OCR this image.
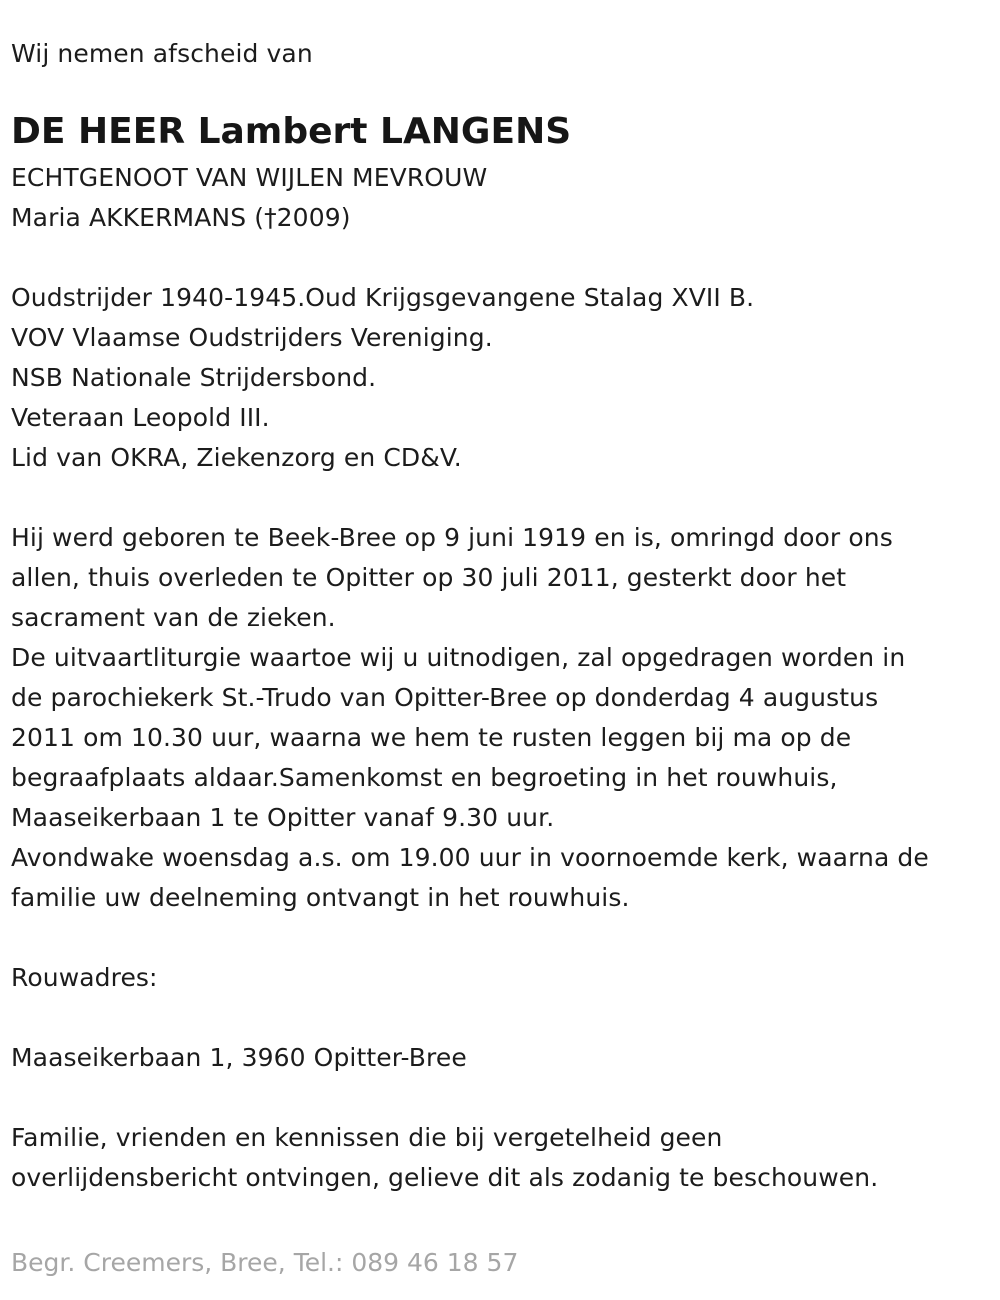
Wij nemen afscheid van
DE HEER Lambert LANGENS
ECHTGENOOT VAN WIJLEN MEVROUW
Maria AKKERMANS (†2009)
Oudstrijder 1940-1945.Oud Krijgsgevangene Stalag XVII B.
VOV Vlaamse Oudstrijders Vereniging.
NSB Nationale Strijdersbond.
Veteraan Leopold III.
Lid van OKRA, Ziekenzorg en CD&V.
Hij werd geboren te Beek-Bree op 9 juni 1919 en is, omringd door ons
allen, thuis overleden te Opitter op 30 juli 2011, gesterkt door het
sacrament van de zieken.
De uitvaartliturgie waartoe wij u uitnodigen, zal opgedragen worden in
de parochiekerk St.-Trudo van Opitter-Bree op donderdag 4 augustus
2011 om 10.30 uur, waarna we hem te rusten leggen bij ma op de
begraafplaats aldaar.Samenkomst en begroeting in het rouwhuis,
Maaseikerbaan 1 te Opitter vanaf 9.30 uur.
Avondwake woensdag a.s. om 19.00 uur in voornoemde kerk, waarna de
familie uw deelneming ontvangt in het rouwhuis.
Rouwadres:
Maaseikerbaan 1, 3960 Opitter-Bree
Familie, vrienden en kennissen die bij vergetelheid geen
overlijdensbericht ontvingen, gelieve dit als zodanig te beschouwen.
Begr. Creemers, Bree, Tel.: 089 46 18 57
